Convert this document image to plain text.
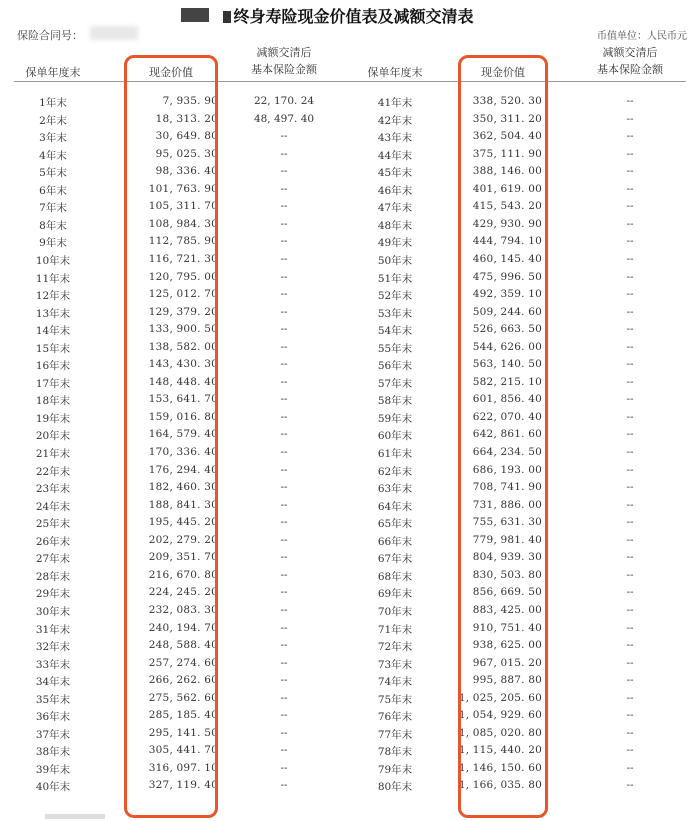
终身寿险现金价值表及减额交清表
保险合同号：	币值单位：人民币元
保单年度末	现金价值
减额交清后
基本保险金额	保单年度末	现金价值
减额交清后
基本保险金额
1年末	7, 935. 90	22, 170. 24	41年末	338, 520. 30	--
2年末	18, 313. 20	48, 497. 40	42年末	350, 311. 20	--
3年末	30, 649. 80	--	43年末	362, 504. 40	--
4年末	95, 025. 30	--	44年末	375, 111. 90	--
5年末	98, 336. 40	--	45年末	388, 146. 00	--
6年末	101, 763. 90	--	46年末	401, 619. 00	--
7年末	105, 311. 70	--	47年末	415, 543. 20	--
8年末	108, 984. 30	--	48年末	429, 930. 90	--
9年末	112, 785. 90	--	49年末	444, 794. 10	--
10年末	116, 721. 30	--	50年末	460, 145. 40	--
11年末	120, 795. 00	--	51年末	475, 996. 50	--
12年末	125, 012. 70	--	52年末	492, 359. 10	--
13年末	129, 379. 20	--	53年末	509, 244. 60	--
14年末	133, 900. 50	--	54年末	526, 663. 50	--
15年末	138, 582. 00	--	55年末	544, 626. 00	--
16年末	143, 430. 30	--	56年末	563, 140. 50	--
17年末	148, 448. 40	--	57年末	582, 215. 10	--
18年末	153, 641. 70	--	58年末	601, 856. 40	--
19年末	159, 016. 80	--	59年末	622, 070. 40	--
20年末	164, 579. 40	--	60年末	642, 861. 60	--
21年末	170, 336. 40	--	61年末	664, 234. 50	--
22年末	176, 294. 40	--	62年末	686, 193. 00	--
23年末	182, 460. 30	--	63年末	708, 741. 90	--
24年末	188, 841. 30	--	64年末	731, 886. 00	--
25年末	195, 445. 20	--	65年末	755, 631. 30	--
26年末	202, 279. 20	--	66年末	779, 981. 40	--
27年末	209, 351. 70	--	67年末	804, 939. 30	--
28年末	216, 670. 80	--	68年末	830, 503. 80	--
29年末	224, 245. 20	--	69年末	856, 669. 50	--
30年末	232, 083. 30	--	70年末	883, 425. 00	--
31年末	240, 194. 70	--	71年末	910, 751. 40	--
32年末	248, 588. 40	--	72年末	938, 625. 00	--
33年末	257, 274. 60	--	73年末	967, 015. 20	--
34年末	266, 262. 60	--	74年末	995, 887. 80	--
35年末	275, 562. 60	--	75年末	1, 025, 205. 60	--
36年末	285, 185. 40	--	76年末	1, 054, 929. 60	--
37年末	295, 141. 50	--	77年末	1, 085, 020. 80	--
38年末	305, 441. 70	--	78年末	1, 115, 440. 20	--
39年末	316, 097. 10	--	79年末	1, 146, 150. 60	--
40年末	327, 119. 40	--	80年末	1, 166, 035. 80	--
